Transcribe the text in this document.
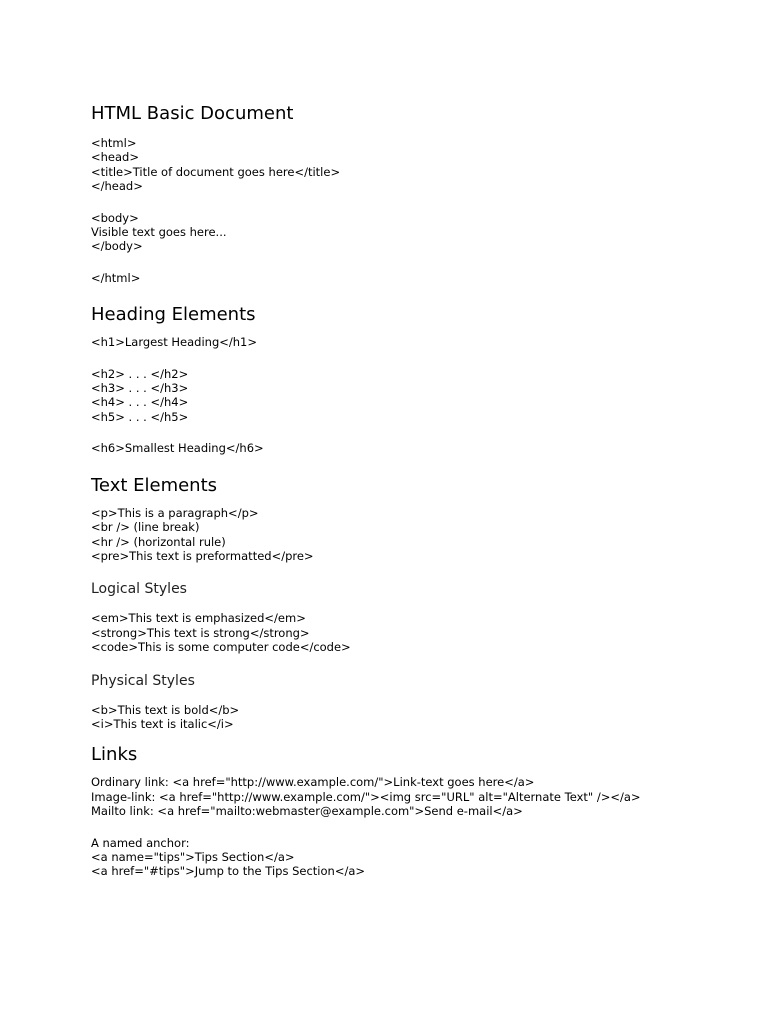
HTML Basic Document
<html>
<head>
<title>Title of document goes here</title>
</head>
<body>
Visible text goes here...
</body>
</html>
Heading Elements
<h1>Largest Heading</h1>
<h2> . . . </h2>
<h3> . . . </h3>
<h4> . . . </h4>
<h5> . . . </h5>
<h6>Smallest Heading</h6>
Text Elements
<p>This is a paragraph</p>
<br /> (line break)
<hr /> (horizontal rule)
<pre>This text is preformatted</pre>
Logical Styles
<em>This text is emphasized</em>
<strong>This text is strong</strong>
<code>This is some computer code</code>
Physical Styles
<b>This text is bold</b>
<i>This text is italic</i>
Links
Ordinary link: <a href="http://www.example.com/">Link-text goes here</a>
Image-link: <a href="http://www.example.com/"><img src="URL" alt="Alternate Text" /></a>
Mailto link: <a href="mailto:webmaster@example.com">Send e-mail</a>
A named anchor:
<a name="tips">Tips Section</a>
<a href="#tips">Jump to the Tips Section</a>
